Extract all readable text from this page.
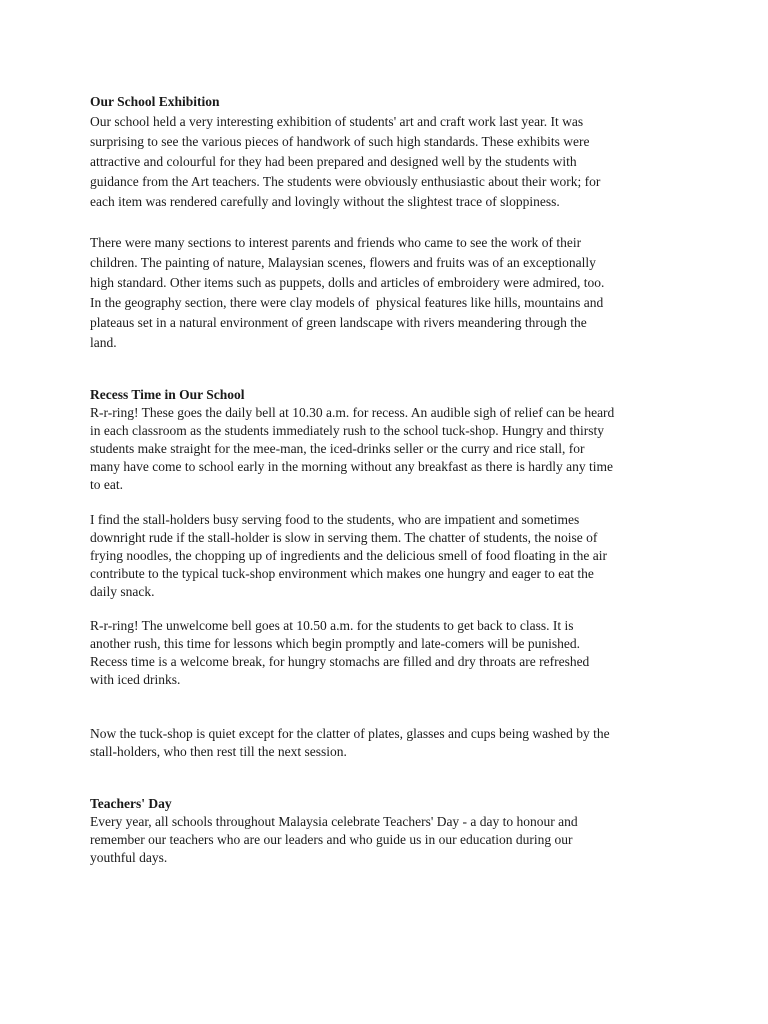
Our School Exhibition
Our school held a very interesting exhibition of students' art and craft work last year. It was
surprising to see the various pieces of handwork of such high standards. These exhibits were
attractive and colourful for they had been prepared and designed well by the students with
guidance from the Art teachers. The students were obviously enthusiastic about their work; for
each item was rendered carefully and lovingly without the slightest trace of sloppiness.
There were many sections to interest parents and friends who came to see the work of their
children. The painting of nature, Malaysian scenes, flowers and fruits was of an exceptionally
high standard. Other items such as puppets, dolls and articles of embroidery were admired, too.
In the geography section, there were clay models of  physical features like hills, mountains and
plateaus set in a natural environment of green landscape with rivers meandering through the
land.
Recess Time in Our School
R-r-ring! These goes the daily bell at 10.30 a.m. for recess. An audible sigh of relief can be heard
in each classroom as the students immediately rush to the school tuck-shop. Hungry and thirsty
students make straight for the mee-man, the iced-drinks seller or the curry and rice stall, for
many have come to school early in the morning without any breakfast as there is hardly any time
to eat.
I find the stall-holders busy serving food to the students, who are impatient and sometimes
downright rude if the stall-holder is slow in serving them. The chatter of students, the noise of
frying noodles, the chopping up of ingredients and the delicious smell of food floating in the air
contribute to the typical tuck-shop environment which makes one hungry and eager to eat the
daily snack.
R-r-ring! The unwelcome bell goes at 10.50 a.m. for the students to get back to class. It is
another rush, this time for lessons which begin promptly and late-comers will be punished.
Recess time is a welcome break, for hungry stomachs are filled and dry throats are refreshed
with iced drinks.
Now the tuck-shop is quiet except for the clatter of plates, glasses and cups being washed by the
stall-holders, who then rest till the next session.
Teachers' Day
Every year, all schools throughout Malaysia celebrate Teachers' Day - a day to honour and
remember our teachers who are our leaders and who guide us in our education during our
youthful days.
